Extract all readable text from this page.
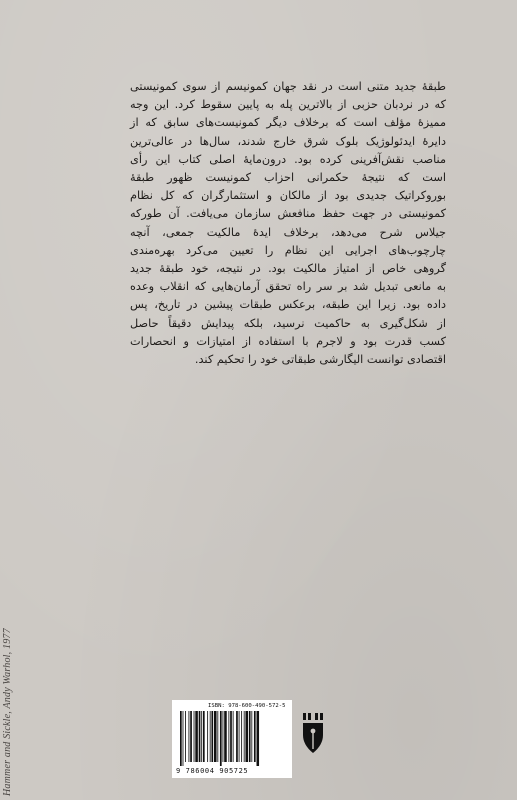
طبقهٔ جدید متنی است در نقد جهان کمونیسم از سوی کمونیستی
که در نردبان حزبی از بالاترین پله به پایین سقوط کرد. این وجه
ممیزهٔ مؤلف است که برخلاف دیگر کمونیست‌های سابق که از
دایرهٔ ایدئولوژیک بلوک شرق خارج شدند، سال‌ها در عالی‌ترین
مناصب نقش‌آفرینی کرده بود. درون‌مایهٔ اصلی کتاب این رأی
است که نتیجهٔ حکمرانی احزاب کمونیست ظهور طبقهٔ
بوروکراتیک جدیدی بود از مالکان و استثمارگران که کل نظام
کمونیستی در جهت حفظ منافعش سازمان می‌یافت. آن طورکه
جیلاس شرح می‌دهد، برخلاف ایدهٔ مالکیت جمعی، آنچه
چارچوب‌های اجرایی این نظام را تعیین می‌کرد بهره‌مندی
گروهی خاص از امتیاز مالکیت بود. در نتیجه، خود طبقهٔ جدید
به مانعی تبدیل شد بر سر راه تحقق آرمان‌هایی که انقلاب وعده
داده بود. زیرا این طبقه، برعکس طبقات پیشین در تاریخ، پس
از شکل‌گیری به حاکمیت نرسید، بلکه پیدایش دقیقاً حاصل
کسب قدرت بود و لاجرم با استفاده از امتیازات و انحصارات
اقتصادی توانست الیگارشی طبقاتی خود را تحکیم کند.
Hammer and Sickle, Andy Warhol, 1977	ISBN: 978-600-490-572-5
9 786004 905725
